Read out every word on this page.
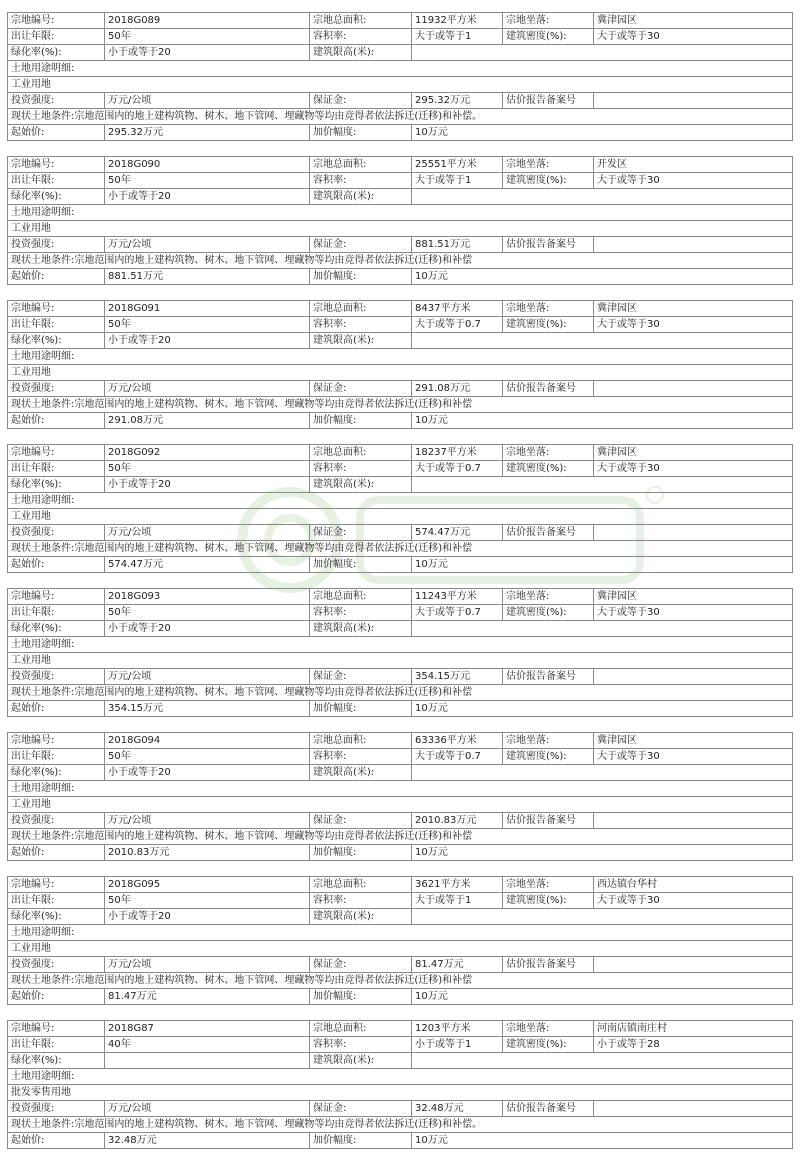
宗地编号:	2018G089	宗地总面积:	11932平方米	宗地坐落:	冀津园区
出让年限:	50年	容积率:	大于或等于1	建筑密度(%):	大于或等于30
绿化率(%):	小于或等于20	建筑限高(米):			
土地用途明细:					
工业用地					
投资强度:	万元/公顷	保证金:	295.32万元	估价报告备案号	
现状土地条件:宗地范围内的地上建构筑物、树木、地下管网、埋藏物等均由竞得者依法拆迁(迁移)和补偿。					
起始价:	295.32万元	加价幅度:	10万元		
宗地编号:	2018G090	宗地总面积:	25551平方米	宗地坐落:	开发区
出让年限:	50年	容积率:	大于或等于1	建筑密度(%):	大于或等于30
绿化率(%):	小于或等于20	建筑限高(米):			
土地用途明细:					
工业用地					
投资强度:	万元/公顷	保证金:	881.51万元	估价报告备案号	
现状土地条件:宗地范围内的地上建构筑物、树木、地下管网、埋藏物等均由竞得者依法拆迁(迁移)和补偿					
起始价:	881.51万元	加价幅度:	10万元		
宗地编号:	2018G091	宗地总面积:	8437平方米	宗地坐落:	冀津园区
出让年限:	50年	容积率:	大于或等于0.7	建筑密度(%):	大于或等于30
绿化率(%):	小于或等于20	建筑限高(米):			
土地用途明细:					
工业用地					
投资强度:	万元/公顷	保证金:	291.08万元	估价报告备案号	
现状土地条件:宗地范围内的地上建构筑物、树木、地下管网、埋藏物等均由竞得者依法拆迁(迁移)和补偿					
起始价:	291.08万元	加价幅度:	10万元		
宗地编号:	2018G092	宗地总面积:	18237平方米	宗地坐落:	冀津园区
出让年限:	50年	容积率:	大于或等于0.7	建筑密度(%):	大于或等于30
绿化率(%):	小于或等于20	建筑限高(米):			
土地用途明细:					
工业用地					
投资强度:	万元/公顷	保证金:	574.47万元	估价报告备案号	
现状土地条件:宗地范围内的地上建构筑物、树木、地下管网、埋藏物等均由竞得者依法拆迁(迁移)和补偿					
起始价:	574.47万元	加价幅度:	10万元		
宗地编号:	2018G093	宗地总面积:	11243平方米	宗地坐落:	冀津园区
出让年限:	50年	容积率:	大于或等于0.7	建筑密度(%):	大于或等于30
绿化率(%):	小于或等于20	建筑限高(米):			
土地用途明细:					
工业用地					
投资强度:	万元/公顷	保证金:	354.15万元	估价报告备案号	
现状土地条件:宗地范围内的地上建构筑物、树木、地下管网、埋藏物等均由竞得者依法拆迁(迁移)和补偿					
起始价:	354.15万元	加价幅度:	10万元		
宗地编号:	2018G094	宗地总面积:	63336平方米	宗地坐落:	冀津园区
出让年限:	50年	容积率:	大于或等于0.7	建筑密度(%):	大于或等于30
绿化率(%):	小于或等于20	建筑限高(米):			
土地用途明细:					
工业用地					
投资强度:	万元/公顷	保证金:	2010.83万元	估价报告备案号	
现状土地条件:宗地范围内的地上建构筑物、树木、地下管网、埋藏物等均由竞得者依法拆迁(迁移)和补偿					
起始价:	2010.83万元	加价幅度:	10万元		
宗地编号:	2018G095	宗地总面积:	3621平方米	宗地坐落:	西达镇台华村
出让年限:	50年	容积率:	大于或等于1	建筑密度(%):	大于或等于30
绿化率(%):	小于或等于20	建筑限高(米):			
土地用途明细:					
工业用地					
投资强度:	万元/公顷	保证金:	81.47万元	估价报告备案号	
现状土地条件:宗地范围内的地上建构筑物、树木、地下管网、埋藏物等均由竞得者依法拆迁(迁移)和补偿					
起始价:	81.47万元	加价幅度:	10万元		
宗地编号:	2018G87	宗地总面积:	1203平方米	宗地坐落:	河南店镇南庄村
出让年限:	40年	容积率:	小于或等于1	建筑密度(%):	小于或等于28
绿化率(%):		建筑限高(米):			
土地用途明细:					
批发零售用地					
投资强度:	万元/公顷	保证金:	32.48万元	估价报告备案号	
现状土地条件:宗地范围内的地上建构筑物、树木、地下管网、埋藏物等均由竞得者依法拆迁(迁移)和补偿。					
起始价:	32.48万元	加价幅度:	10万元		
